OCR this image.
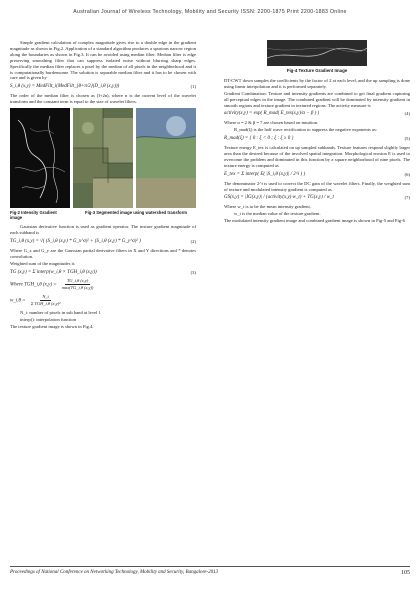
Australian Journal of Wireless Technology, Mobility and Security ISSN: 2200-1875 Print 2200-1883 Online

Simple gradient calculation of complex magnitude gives rise to a double edge in the gradient magnitude as shown in Fig.2. Application of a standard algorithm produces a spurious narrow region along the boundaries as shown in Fig.3. It can be avoided using median filter. Median filter is edge preserving smoothing filter that can suppress isolated noise without blurring sharp edges. Specifically the median filter replaces a pixel by the median of all pixels in the neighborhood and it is computationally burdensome. The solution is separable median filter and it has to be chosen with care and is given by

S_i,θ (x,y) = MedFilt_i(MedFilt_{θ+π/2}(D_i,θ (x,y)))	(1)

The order of the median filter is chosen as (I+2n), where n is the current level of the wavelet transform and the constant term is equal to the size of wavelet filters.

Fig-2 Intensity Gradient image
Fig-3 Segmented image using watershed transform

Gaussian derivative function is used as gradient operator. The texture gradient magnitude of each subband is

TG_i,θ (x,y) = √( (S_i,θ (x,y) * G_x^σ)² + (S_i,θ (x,y) * G_y^σ)² )	(2)

Where G_x and G_y are the Gaussian partial derivative filters in X and Y directions and * denotes convolution.

Weighted sum of the magnitudes is

TG (x,y) = Σ interp(w_i,θ × TGH_i,θ (x,y))	(3)
Where TGH_i,θ $(x,y) = \frac{TG\_i,\theta (x,y)}{\max(TG\_i,\theta (x,y))}$
w_i,θ = $\frac{N\_i}{\text{Σ TGH\_i,θ (x,y)²}}$

N_i: number of pixels in sub band at level 1

interp(): interpolation function

The texture gradient image is shown in Fig.4.

Fig-4 Texture Gradient Image

DT-CWT down samples the coefficients by the factor of 2 at each level, and the up sampling is done using linear interpolation and it is performed separately.

Gradient Combination: Texture and intensity gradients are combined to get final gradient capturing all perceptual edges in the image. The combined gradient will be dominated by intensity gradient in smooth regions and texture gradient in textured regions. The activity measure is

activity(x,y) = exp( R_mad( E_tex(x,y)/α − β ) )	(4)

Where α = 2 & β = 7 are chosen based on intuition.

R_mad(ξ) is the half wave rectification to suppress the negative exponents as:

R_mad(ξ) = { 0 : ξ < 0 ; ξ : ξ ≥ 0 }	(5)

Texture energy E_tex is calculated on up sampled subbands. Texture features respond slightly larger area than the desired because of the involved spatial integration. Morphological erosion E is used to overcome the problem and dominated in this function by a square neighborhood of nine pixels. The texture energy is computed as

E_tex = Σ interp( E( |S_i,θ (x,y)| / 2^i ) )	(6)

The denominator 2^i is used to correct the DC gain of the wavelet filters. Finally, the weighted sum of texture and modulated intensity gradient is computed as

GS(x,y) = |IG(x,y)| / (activity(x,y)·w_t) + TG(x,y) / w_t	(7)

Where w_t is to be the mean intensity gradient,

w_t is the median value of the texture gradient.

The modulated intensity gradient image and combined gradient image is shown in Fig-5 and Fig-6

Proceedings of National Conference on Networking Technology, Mobility and Security, Bangalore-2013	105
